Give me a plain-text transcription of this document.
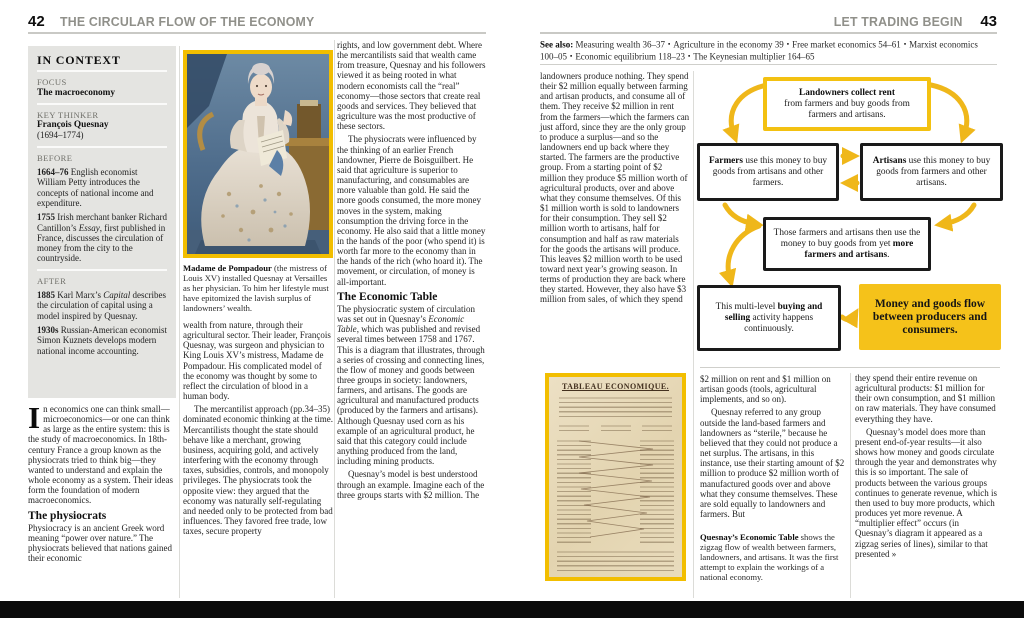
42 THE CIRCULAR FLOW OF THE ECONOMY
IN CONTEXT
FOCUS
The macroeconomy
KEY THINKER
François Quesnay
(1694–1774)
BEFORE

1664–76 English economist William Petty introduces the concepts of national income and expenditure.

1755 Irish merchant banker Richard Cantillon’s Essay, first published in France, discusses the circulation of money from the city to the countryside.

AFTER

1885 Karl Marx’s Capital describes the circulation of capital using a model inspired by Quesnay.

1930s Russian-American economist Simon Kuznets develops modern national income accounting.

In economics one can think small—microeconomics—or one can think as large as the entire system: this is the study of macroeconomics. In 18th-century France a group known as the physiocrats tried to think big—they wanted to understand and explain the whole economy as a system. Their ideas form the foundation of modern macroeconomics.

The physiocrats

Physiocracy is an ancient Greek word meaning “power over nature.” The physiocrats believed that nations gained their economic

Madame de Pompadour (the mistress of Louis XV) installed Quesnay at Versailles as her physician. To him her lifestyle must have epitomized the lavish surplus of landowners’ wealth.

wealth from nature, through their agricultural sector. Their leader, François Quesnay, was surgeon and physician to King Louis XV’s mistress, Madame de Pompadour. His complicated model of the economy was thought by some to reflect the circulation of blood in a human body.

The mercantilist approach (pp.34–35) dominated economic thinking at the time. Mercantilists thought the state should behave like a merchant, growing business, acquiring gold, and actively interfering with the economy through taxes, subsidies, controls, and monopoly privileges. The physiocrats took the opposite view: they argued that the economy was naturally self-regulating and needed only to be protected from bad influences. They favored free trade, low taxes, secure property

rights, and low government debt. Where the mercantilists said that wealth came from treasure, Quesnay and his followers viewed it as being rooted in what modern economists call the “real” economy—those sectors that create real goods and services. They believed that agriculture was the most productive of these sectors.

The physiocrats were influenced by the thinking of an earlier French landowner, Pierre de Boisguilbert. He said that agriculture is superior to manufacturing, and consumables are more valuable than gold. He said the more goods consumed, the more money moves in the system, making consumption the driving force in the economy. He also said that a little money in the hands of the poor (who spend it) is worth far more to the economy than in the hands of the rich (who hoard it). The movement, or circulation, of money is all-important.

The Economic Table

The physiocratic system of circulation was set out in Quesnay’s Economic Table, which was published and revised several times between 1758 and 1767. This is a diagram that illustrates, through a series of crossing and connecting lines, the flow of money and goods between three groups in society: landowners, farmers, and artisans. The goods are agricultural and manufactured products (produced by the farmers and artisans). Although Quesnay used corn as his example of an agricultural product, he said that this category could include anything produced from the land, including mining products.

Quesnay’s model is best understood through an example. Imagine each of the three groups starts with $2 million. The

LET TRADING BEGIN 43

See also: Measuring wealth 36–37 ▪ Agriculture in the economy 39 ▪ Free market economics 54–61 ▪ Marxist economics 100–05 ▪ Economic equilibrium 118–23 ▪ The Keynesian multiplier 164–65

landowners produce nothing. They spend their $2 million equally between farming and artisan products, and consume all of them. They receive $2 million in rent from the farmers—which the farmers can just afford, since they are the only group to produce a surplus—and so the landowners end up back where they started. The farmers are the productive group. From a starting point of $2 million they produce $5 million worth of agricultural products, over and above what they consume themselves. Of this $1 million worth is sold to landowners for their consumption. They sell $2 million worth to artisans, half for consumption and half as raw materials for the goods the artisans will produce. This leaves $2 million worth to be used toward next year’s growing season. In terms of production they are back where they started. However, they also have $3 million from sales, of which they spend

TABLEAU ECONOMIQUE.
Landowners collect rent
from farmers and buy goods from farmers and artisans.
Farmers use this money to buy goods from artisans and other farmers.
Artisans use this money to buy goods from farmers and other artisans.
Those farmers and artisans then use the money to buy goods from yet more farmers and artisans.
This multi-level buying and selling activity happens continuously.
Money and goods flow between producers and consumers.

$2 million on rent and $1 million on artisan goods (tools, agricultural implements, and so on).

Quesnay referred to any group outside the land-based farmers and landowners as “sterile,” because he believed that they could not produce a net surplus. The artisans, in this instance, use their starting amount of $2 million to produce $2 million worth of manufactured goods over and above what they consume themselves. These are sold equally to landowners and farmers. But

Quesnay’s Economic Table shows the zigzag flow of wealth between farmers, landowners, and artisans. It was the first attempt to explain the workings of a national economy.

they spend their entire revenue on agricultural products: $1 million for their own consumption, and $1 million on raw materials. They have consumed everything they have.

Quesnay’s model does more than present end-of-year results—it also shows how money and goods circulate through the year and demonstrates why this is so important. The sale of products between the various groups continues to generate revenue, which is then used to buy more products, which produces yet more revenue. A “multiplier effect” occurs (in Quesnay’s diagram it appeared as a zigzag series of lines), similar to that presented »
